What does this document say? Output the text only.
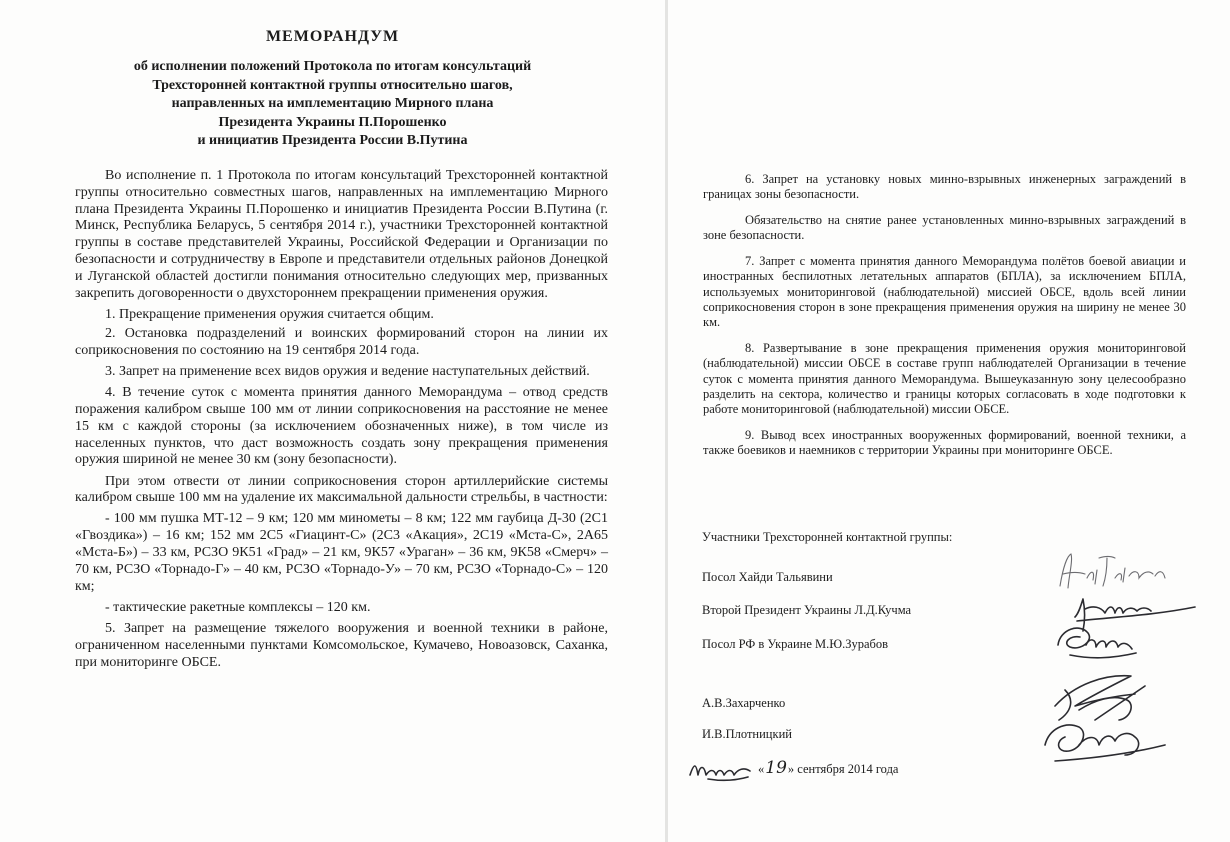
МЕМОРАНДУМ
об исполнении положений Протокола по итогам консультаций
Трехсторонней контактной группы относительно шагов,
направленных на имплементацию Мирного плана
Президента Украины П.Порошенко
и инициатив Президента России В.Путина

Во исполнение п. 1 Протокола по итогам консультаций Трехсторонней контактной группы относительно совместных шагов, направленных на имплементацию Мирного плана Президента Украины П.Порошенко и инициатив Президента России В.Путина (г. Минск, Республика Беларусь, 5 сентября 2014 г.), участники Трехсторонней контактной группы в составе представителей Украины, Российской Федерации и Организации по безопасности и сотрудничеству в Европе и представители отдельных районов Донецкой и Луганской областей достигли понимания относительно следующих мер, призванных закрепить договоренности о двухстороннем прекращении применения оружия.

1. Прекращение применения оружия считается общим.

2. Остановка подразделений и воинских формирований сторон на линии их соприкосновения по состоянию на 19 сентября 2014 года.

3. Запрет на применение всех видов оружия и ведение наступательных действий.

4. В течение суток с момента принятия данного Меморандума – отвод средств поражения калибром свыше 100 мм от линии соприкосновения на расстояние не менее 15 км с каждой стороны (за исключением обозначенных ниже), в том числе из населенных пунктов, что даст возможность создать зону прекращения применения оружия шириной не менее 30 км (зону безопасности).

При этом отвести от линии соприкосновения сторон артиллерийские системы калибром свыше 100 мм на удаление их максимальной дальности стрельбы, в частности:

- 100 мм пушка МТ-12 – 9 км; 120 мм минометы – 8 км; 122 мм гаубица Д-30 (2С1 «Гвоздика») – 16 км; 152 мм 2С5 «Гиацинт-С» (2С3 «Акация», 2С19 «Мста-С», 2А65 «Мста-Б») – 33 км, РСЗО 9К51 «Град» – 21 км, 9К57 «Ураган» – 36 км, 9К58 «Смерч» – 70 км, РСЗО «Торнадо-Г» – 40 км, РСЗО «Торнадо-У» – 70 км, РСЗО «Торнадо-С» – 120 км;

- тактические ракетные комплексы – 120 км.

5. Запрет на размещение тяжелого вооружения и военной техники в районе, ограниченном населенными пунктами Комсомольское, Кумачево, Новоазовск, Саханка, при мониторинге ОБСЕ.

6. Запрет на установку новых минно-взрывных инженерных заграждений в границах зоны безопасности.

Обязательство на снятие ранее установленных минно-взрывных заграждений в зоне безопасности.

7. Запрет с момента принятия данного Меморандума полётов боевой авиации и иностранных беспилотных летательных аппаратов (БПЛА), за исключением БПЛА, используемых мониторинговой (наблюдательной) миссией ОБСЕ, вдоль всей линии соприкосновения сторон в зоне прекращения применения оружия на ширину не менее 30 км.

8. Развертывание в зоне прекращения применения оружия мониторинговой (наблюдательной) миссии ОБСЕ в составе групп наблюдателей Организации в течение суток с момента принятия данного Меморандума. Вышеуказанную зону целесообразно разделить на сектора, количество и границы которых согласовать в ходе подготовки к работе мониторинговой (наблюдательной) миссии ОБСЕ.

9. Вывод всех иностранных вооруженных формирований, военной техники, а также боевиков и наемников с территории Украины при мониторинге ОБСЕ.

Участники Трехсторонней контактной группы:
Посол Хайди Тальявини
Второй Президент Украины Л.Д.Кучма
Посол РФ в Украине М.Ю.Зурабов
А.В.Захарченко
И.В.Плотницкий
«19» сентября 2014 года
